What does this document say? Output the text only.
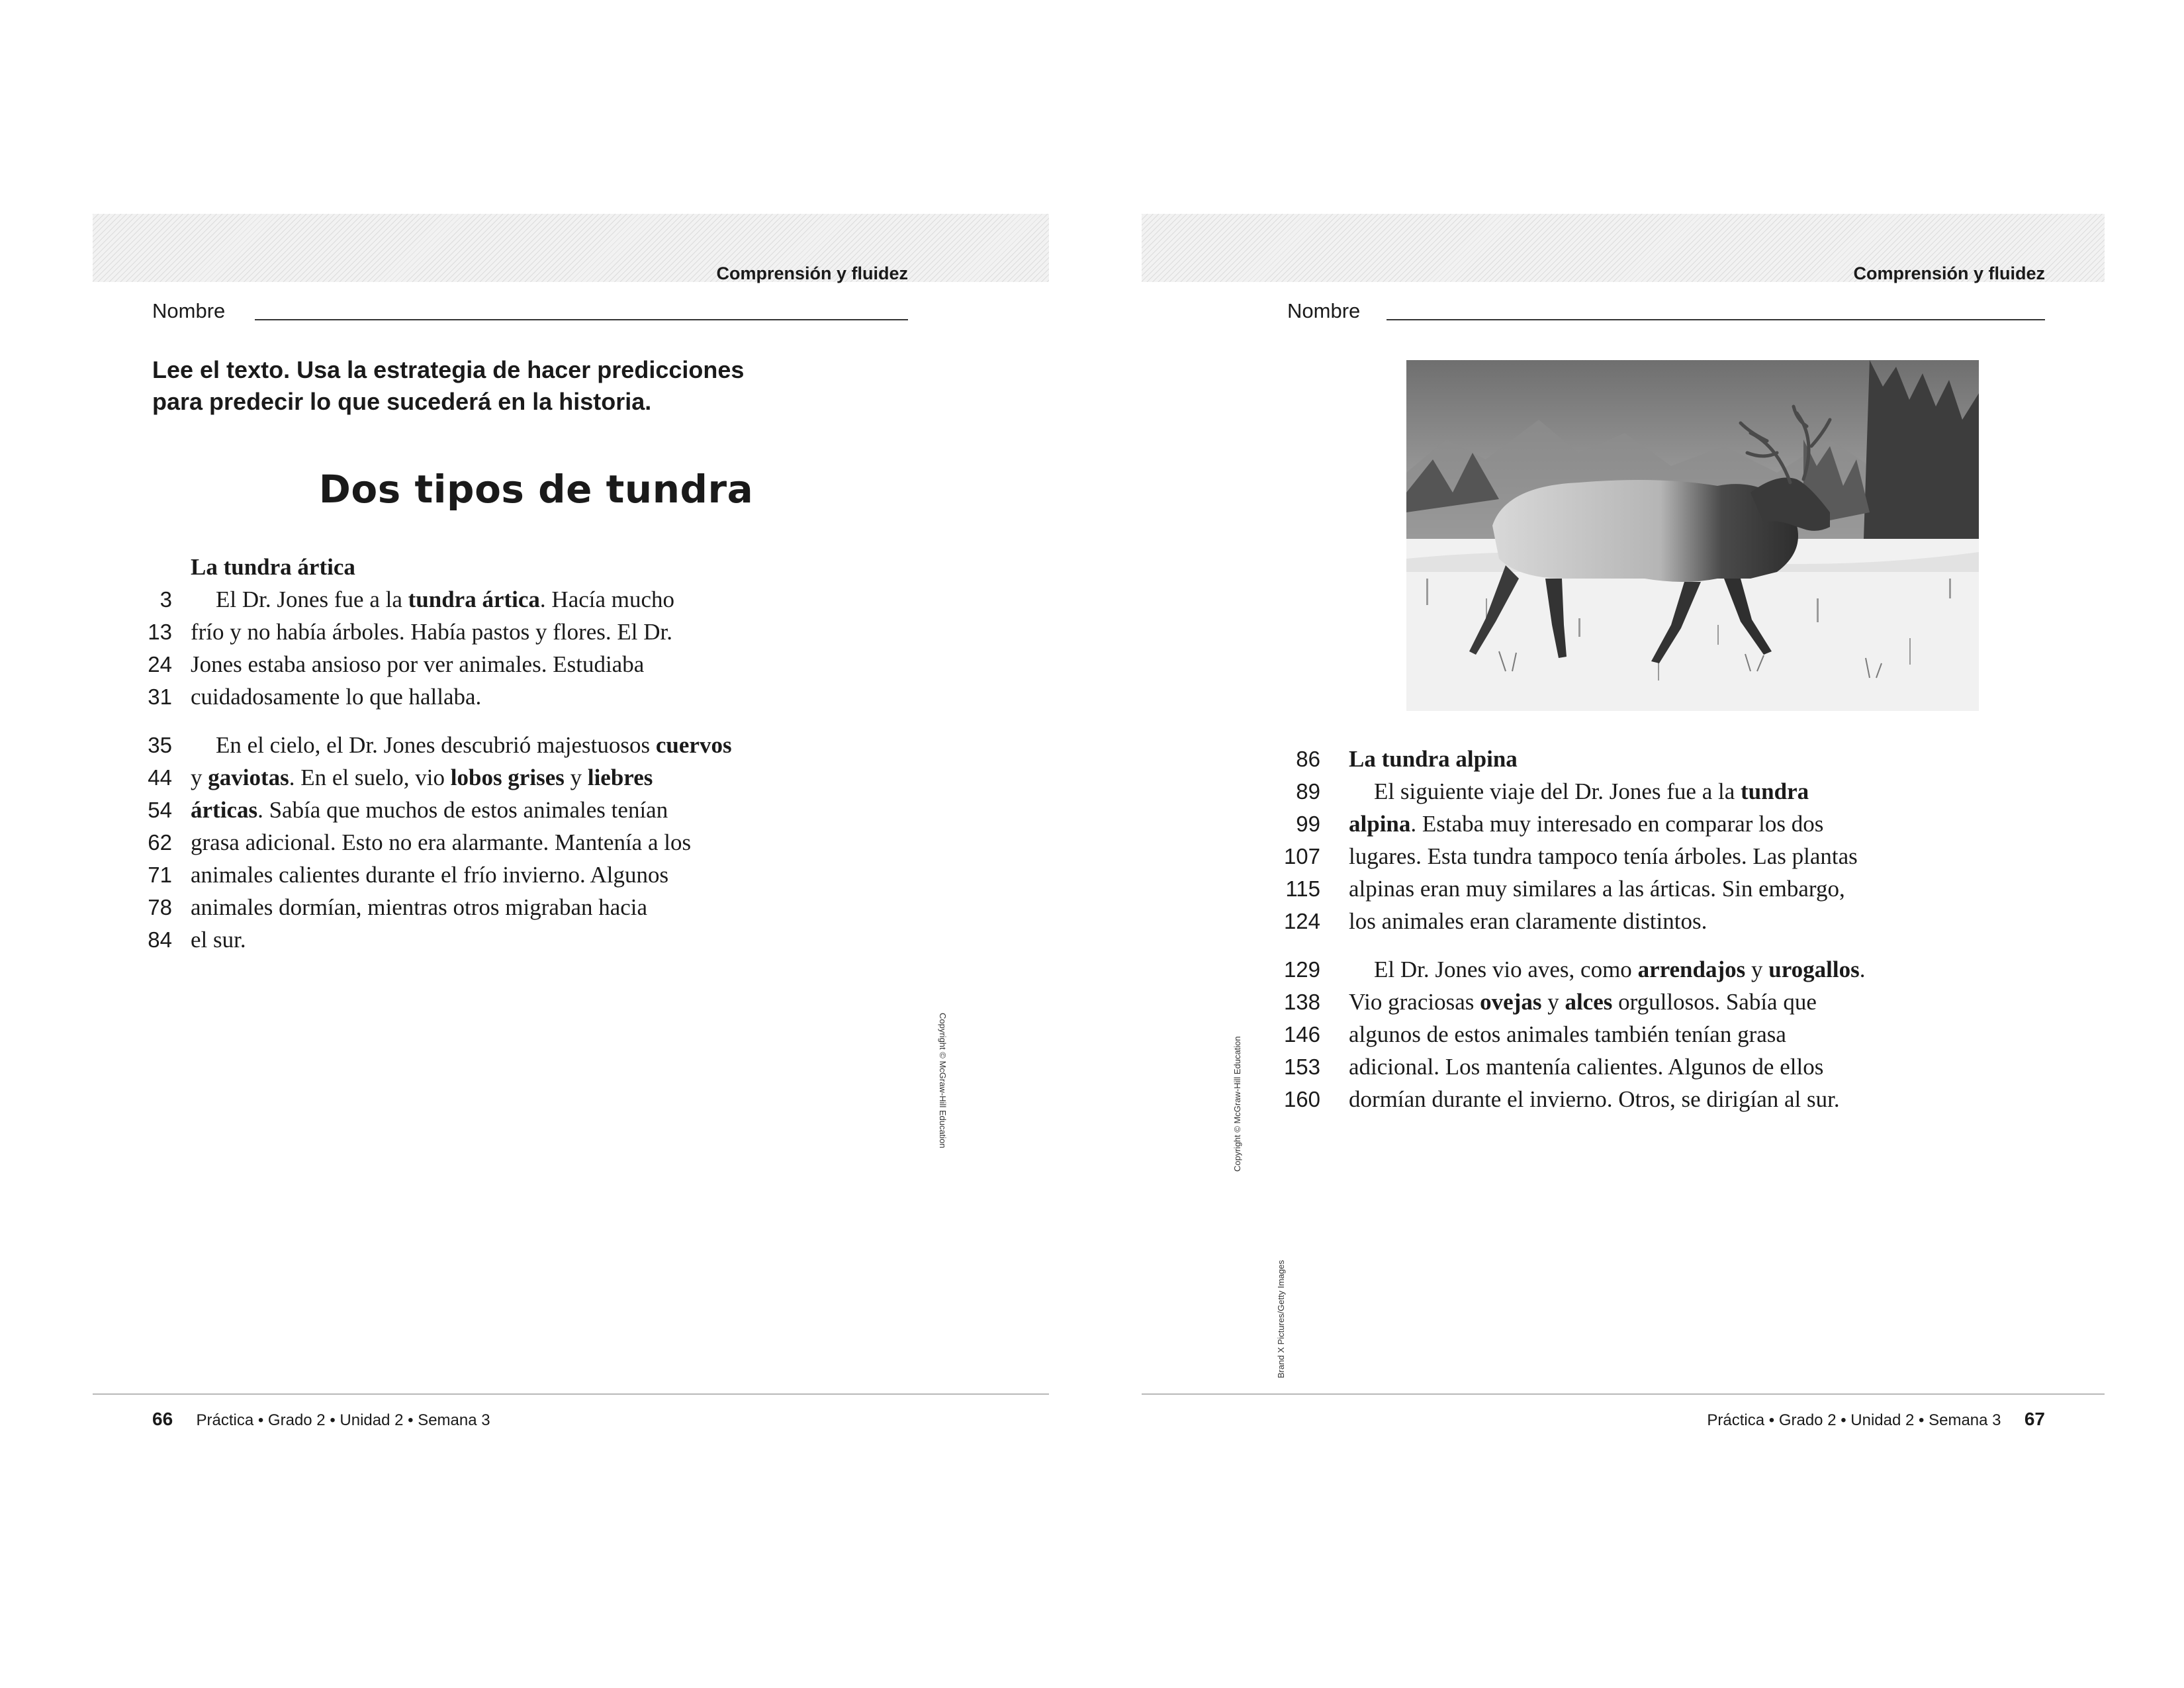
Comprensión y fluidez
Nombre
Lee el texto. Usa la estrategia de hacer predicciones
para predecir lo que sucederá en la historia.
Dos tipos de tundra
La tundra ártica
3	El Dr. Jones fue a la tundra ártica. Hacía mucho
13 frío y no había árboles. Había pastos y flores. El Dr.
24 Jones estaba ansioso por ver animales. Estudiaba
31 cuidadosamente lo que hallaba.
35	En el cielo, el Dr. Jones descubrió majestuosos cuervos
44 y gaviotas. En el suelo, vio lobos grises y liebres
54 árticas. Sabía que muchos de estos animales tenían
62 grasa adicional. Esto no era alarmante. Mantenía a los
71 animales calientes durante el frío invierno. Algunos
78 animales dormían, mientras otros migraban hacia
84 el sur.
Copyright © McGraw-Hill Education
66 Práctica • Grado 2 • Unidad 2 • Semana 3
Comprensión y fluidez
Nombre
Copyright © McGraw-Hill Education
Brand X Pictures/Getty Images
86 La tundra alpina
89	El siguiente viaje del Dr. Jones fue a la tundra
99 alpina. Estaba muy interesado en comparar los dos
107 lugares. Esta tundra tampoco tenía árboles. Las plantas
115 alpinas eran muy similares a las árticas. Sin embargo,
124 los animales eran claramente distintos.
129	El Dr. Jones vio aves, como arrendajos y urogallos.
138 Vio graciosas ovejas y alces orgullosos. Sabía que
146 algunos de estos animales también tenían grasa
153 adicional. Los mantenía calientes. Algunos de ellos
160 dormían durante el invierno. Otros, se dirigían al sur.
Práctica • Grado 2 • Unidad 2 • Semana 3 67
